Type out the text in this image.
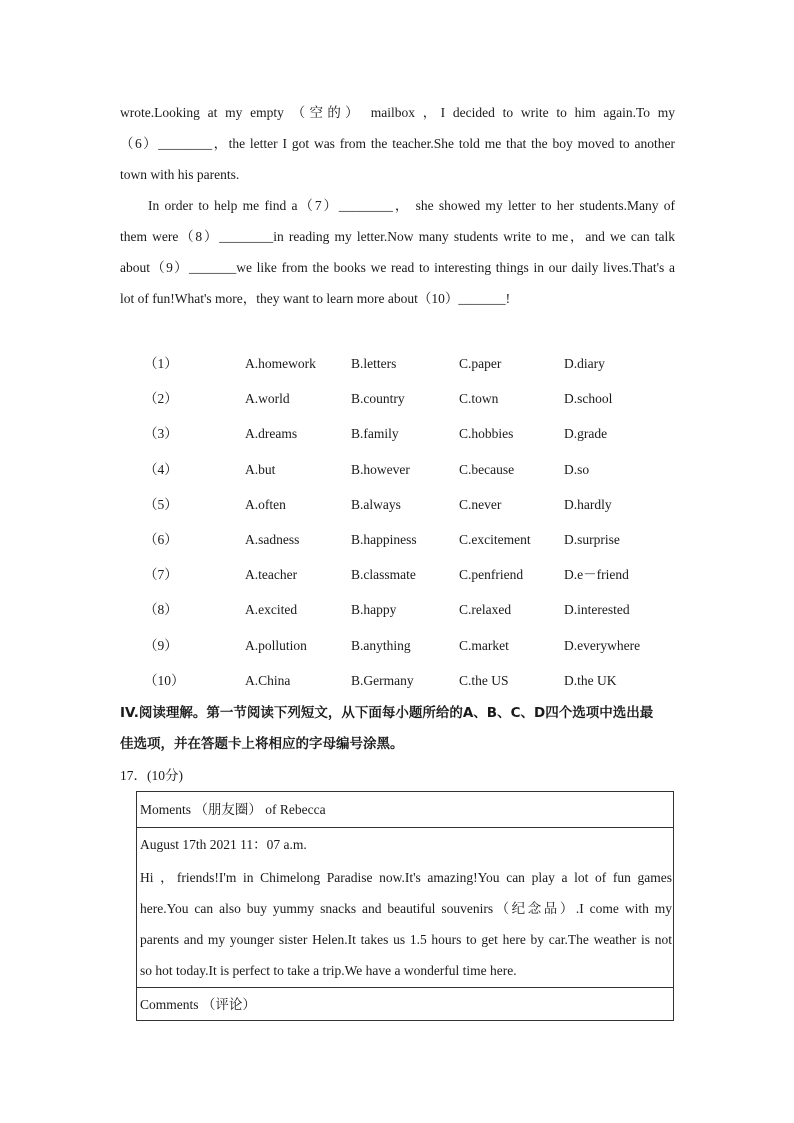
wrote.Looking at my empty （空的） mailbox ，I decided to write to him again.To my
（6）________，the letter I got was from the teacher.She told me that the boy moved to another
town with his parents.
In order to help me find a（7）________， she showed my letter to her students.Many of
them were（8）________in reading my letter.Now many students write to me，and we can talk
about（9）_______we like from the books we read to interesting things in our daily lives.That's a
lot of fun!What's more，they want to learn more about（10）_______!
（1）	A.homework	B.letters	C.paper	D.diary
（2）	A.world	B.country	C.town	D.school
（3）	A.dreams	B.family	C.hobbies	D.grade
（4）	A.but	B.however	C.because	D.so
（5）	A.often	B.always	C.never	D.hardly
（6）	A.sadness	B.happiness	C.excitement D.surprise
（7）	A.teacher	B.classmate	C.penfriend	D.e－friend
（8）	A.excited	B.happy	C.relaxed	D.interested
（9）	A.pollution	B.anything	C.market	D.everywhere
（10）	A.China	B.Germany	C.the US	D.the UK
IV.阅读理解。第一节阅读下列短文，从下面每小题所给的A、B、C、D四个选项中选出最
佳选项，并在答题卡上将相应的字母编号涂黑。
17．(10分)
Moments （朋友圈） of Rebecca
August 17th 2021 11：07 a.m.
Hi ，friends!I'm in Chimelong Paradise now.It's amazing!You can play a lot of fun games
here.You can also buy yummy snacks and beautiful souvenirs（纪念品）.I come with my
parents and my younger sister Helen.It takes us 1.5 hours to get here by car.The weather is not
so hot today.It is perfect to take a trip.We have a wonderful time here.
Comments （评论）
